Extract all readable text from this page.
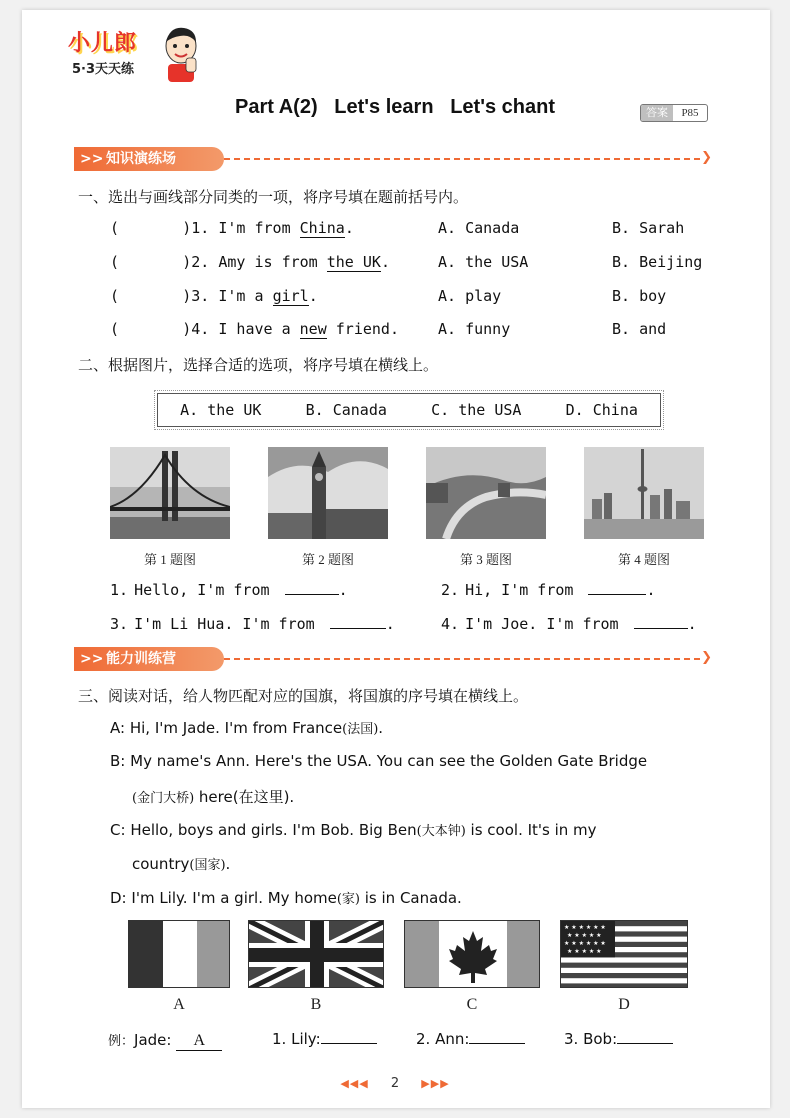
小儿郎
5·3天天练
Part A(2)   Let's learn   Let's chant	答案	P85
>> 知识演练场	❯
一、选出与画线部分同类的一项，将序号填在题前括号内。
(       )1. I'm from China.	A. Canada	B. Sarah
(       )2. Amy is from the UK.	A. the USA	B. Beijing
(       )3. I'm a girl.	A. play	B. boy
(       )4. I have a new friend.	A. funny	B. and
二、根据图片，选择合适的选项，将序号填在横线上。
A. the UK	B. Canada	C. the USA	D. China
第 1 题图	第 2 题图	第 3 题图	第 4 题图
1. Hello, I'm from	.	2. Hi, I'm from	.
3. I'm Li Hua. I'm from	.	4. I'm Joe. I'm from	.
>> 能力训练营	❯
三、阅读对话，给人物匹配对应的国旗，将国旗的序号填在横线上。
A: Hi, I'm Jade. I'm from France(法国).
B: My name's Ann. Here's the USA. You can see the Golden Gate Bridge
(金门大桥) here(在这里).
C: Hello, boys and girls. I'm Bob. Big Ben(大本钟) is cool. It's in my
country(国家).
D: I'm Lily. I'm a girl. My home(家) is in Canada.
★ ★ ★ ★ ★ ★
★ ★ ★ ★ ★
★ ★ ★ ★ ★ ★
★ ★ ★ ★ ★
A	B	C	D
例：Jade: A	1. Lily:	2. Ann:	3. Bob:
◀◀◀ 2 ▶▶▶
